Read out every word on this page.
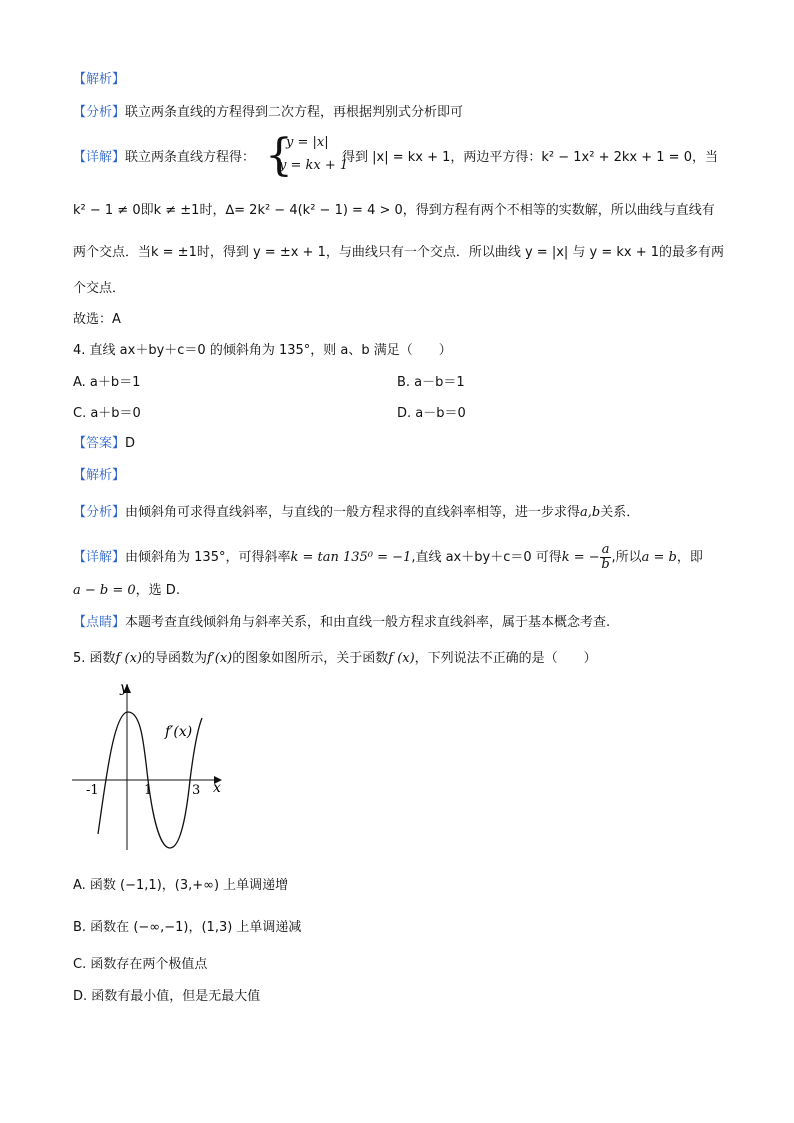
【解析】
【分析】联立两条直线的方程得到二次方程，再根据判别式分析即可
【详解】联立两条直线方程得： {
y = |x|
y = kx + 1
得到 |x| = kx + 1，两边平方得：k² − 1x² + 2kx + 1 = 0，当
k² − 1 ≠ 0即k ≠ ±1时，∆= 2k² − 4(k² − 1) = 4 > 0，得到方程有两个不相等的实数解，所以曲线与直线有
两个交点．当k = ±1时，得到 y = ±x + 1，与曲线只有一个交点．所以曲线 y = |x| 与 y = kx + 1的最多有两
个交点．
故选：A
4. 直线 ax＋by＋c＝0 的倾斜角为 135°，则 a、b 满足（　　）
A. a＋b＝1	B. a－b＝1
C. a＋b＝0	D. a－b＝0
【答案】D
【解析】
【分析】由倾斜角可求得直线斜率，与直线的一般方程求得的直线斜率相等，进一步求得a,b关系．
【详解】由倾斜角为 135°，可得斜率k = tan 135⁰ = −1,直线 ax＋by＋c＝0 可得k = − $\frac{a}{b}$ ,所以a = b，即
a − b = 0，选 D.
【点睛】本题考查直线倾斜角与斜率关系，和由直线一般方程求直线斜率，属于基本概念考查.
5. 函数f (x)的导函数为f′(x)的图象如图所示，关于函数f (x)，下列说法不正确的是（　　）
y
x
f′(x)
-1	1	3
A. 函数 (−1,1)，(3,+∞) 上单调递增
B. 函数在 (−∞,−1)，(1,3) 上单调递减
C. 函数存在两个极值点
D. 函数有最小值，但是无最大值
